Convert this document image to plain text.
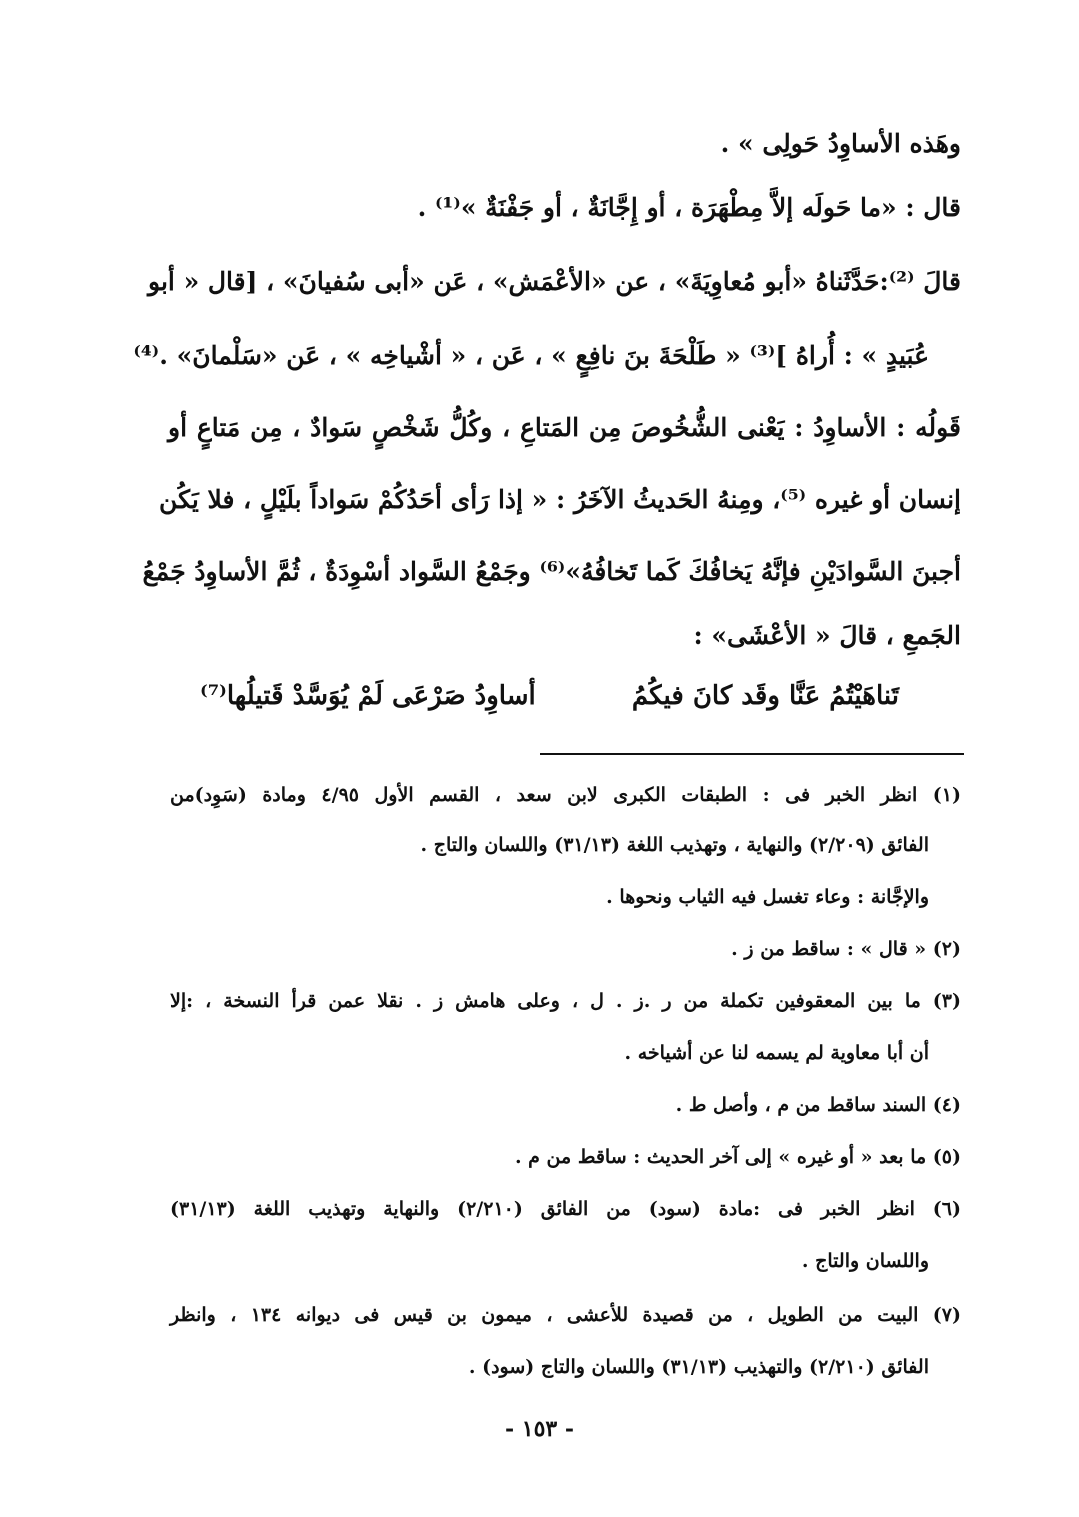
وهَذه الأساوِدُ حَولِى » .
قال : «ما حَولَه إلاَّ مِطْهَرَة ، أو إِجَّانَةٌ ، أو جَفْنَةٌ »⁽¹⁾ .
قالَ ⁽²⁾:حَدَّثَناهُ «أبو مُعاوِيَةَ» ، عن «الأعْمَش» ، عَن «أبى سُفيانَ» ، [قال « أبو
عُبَيدٍ » : أُراهُ ]⁽³⁾ « طَلْحَةَ بنَ نافِعٍ » ، عَن ، « أشْياخِه » ، عَن «سَلْمانَ» .⁽⁴⁾
قَولُه : الأساوِدُ : يَعْنى الشُّخُوصَ مِن المَتاعِ ، وكُلُّ شَخْصٍ سَوادٌ ، مِن مَتاعٍ أو
إنسان أو غيره ⁽⁵⁾، ومِنهُ الحَديثُ الآخَرُ : « إذا رَأى أحَدُكُمْ سَواداً بلَيْلٍ ، فلا يَكُن
أجبنَ السَّوادَيْنِ فإنَّهُ يَخافُكَ كَما تَخافُهُ»⁽⁶⁾ وجَمْعُ السَّواد أسْوِدَةٌ ، ثُمَّ الأساوِدُ جَمْعُ
الجَمعِ ، قالَ « الأعْشَى» :
تَناهَيْتُمُ عَنَّا وقَد كانَ فيكُمُ
أساوِدُ صَرْعَى لَمْ يُوَسَّدْ قَتيلُها⁽⁷⁾
(١) انظر الخبر فى : الطبقات الكبرى لابن سعد ، القسم الأول ٤/٩٥ ومادة (سَوِد)من
الفائق (٢/٢٠٩) والنهاية ، وتهذيب اللغة (٣١/١٣) واللسان والتاج .
والإجَّانة : وعاء تغسل فيه الثياب ونحوها .
(٢) « قال » : ساقط من ز .
(٣) ما بين المعقوفين تكملة من ر .ز . ل ، وعلى هامش ز . نقلا عمن قرأ النسخة ، :إلا
أن أبا معاوية لم يسمه لنا عن أشياخه .
(٤) السند ساقط من م ، وأصل ط .
(٥) ما بعد « أو غيره » إلى آخر الحديث : ساقط من م .
(٦) انظر الخبر فى :مادة (سود) من الفائق (٢/٢١٠) والنهاية وتهذيب اللغة (٣١/١٣)
واللسان والتاج .
(٧) البيت من الطويل ، من قصيدة للأعشى ، ميمون بن قيس فى ديوانه ١٣٤ ، وانظر
الفائق (٢/٢١٠) والتهذيب (٣١/١٣) واللسان والتاج (سود) .
- ١٥٣ -
